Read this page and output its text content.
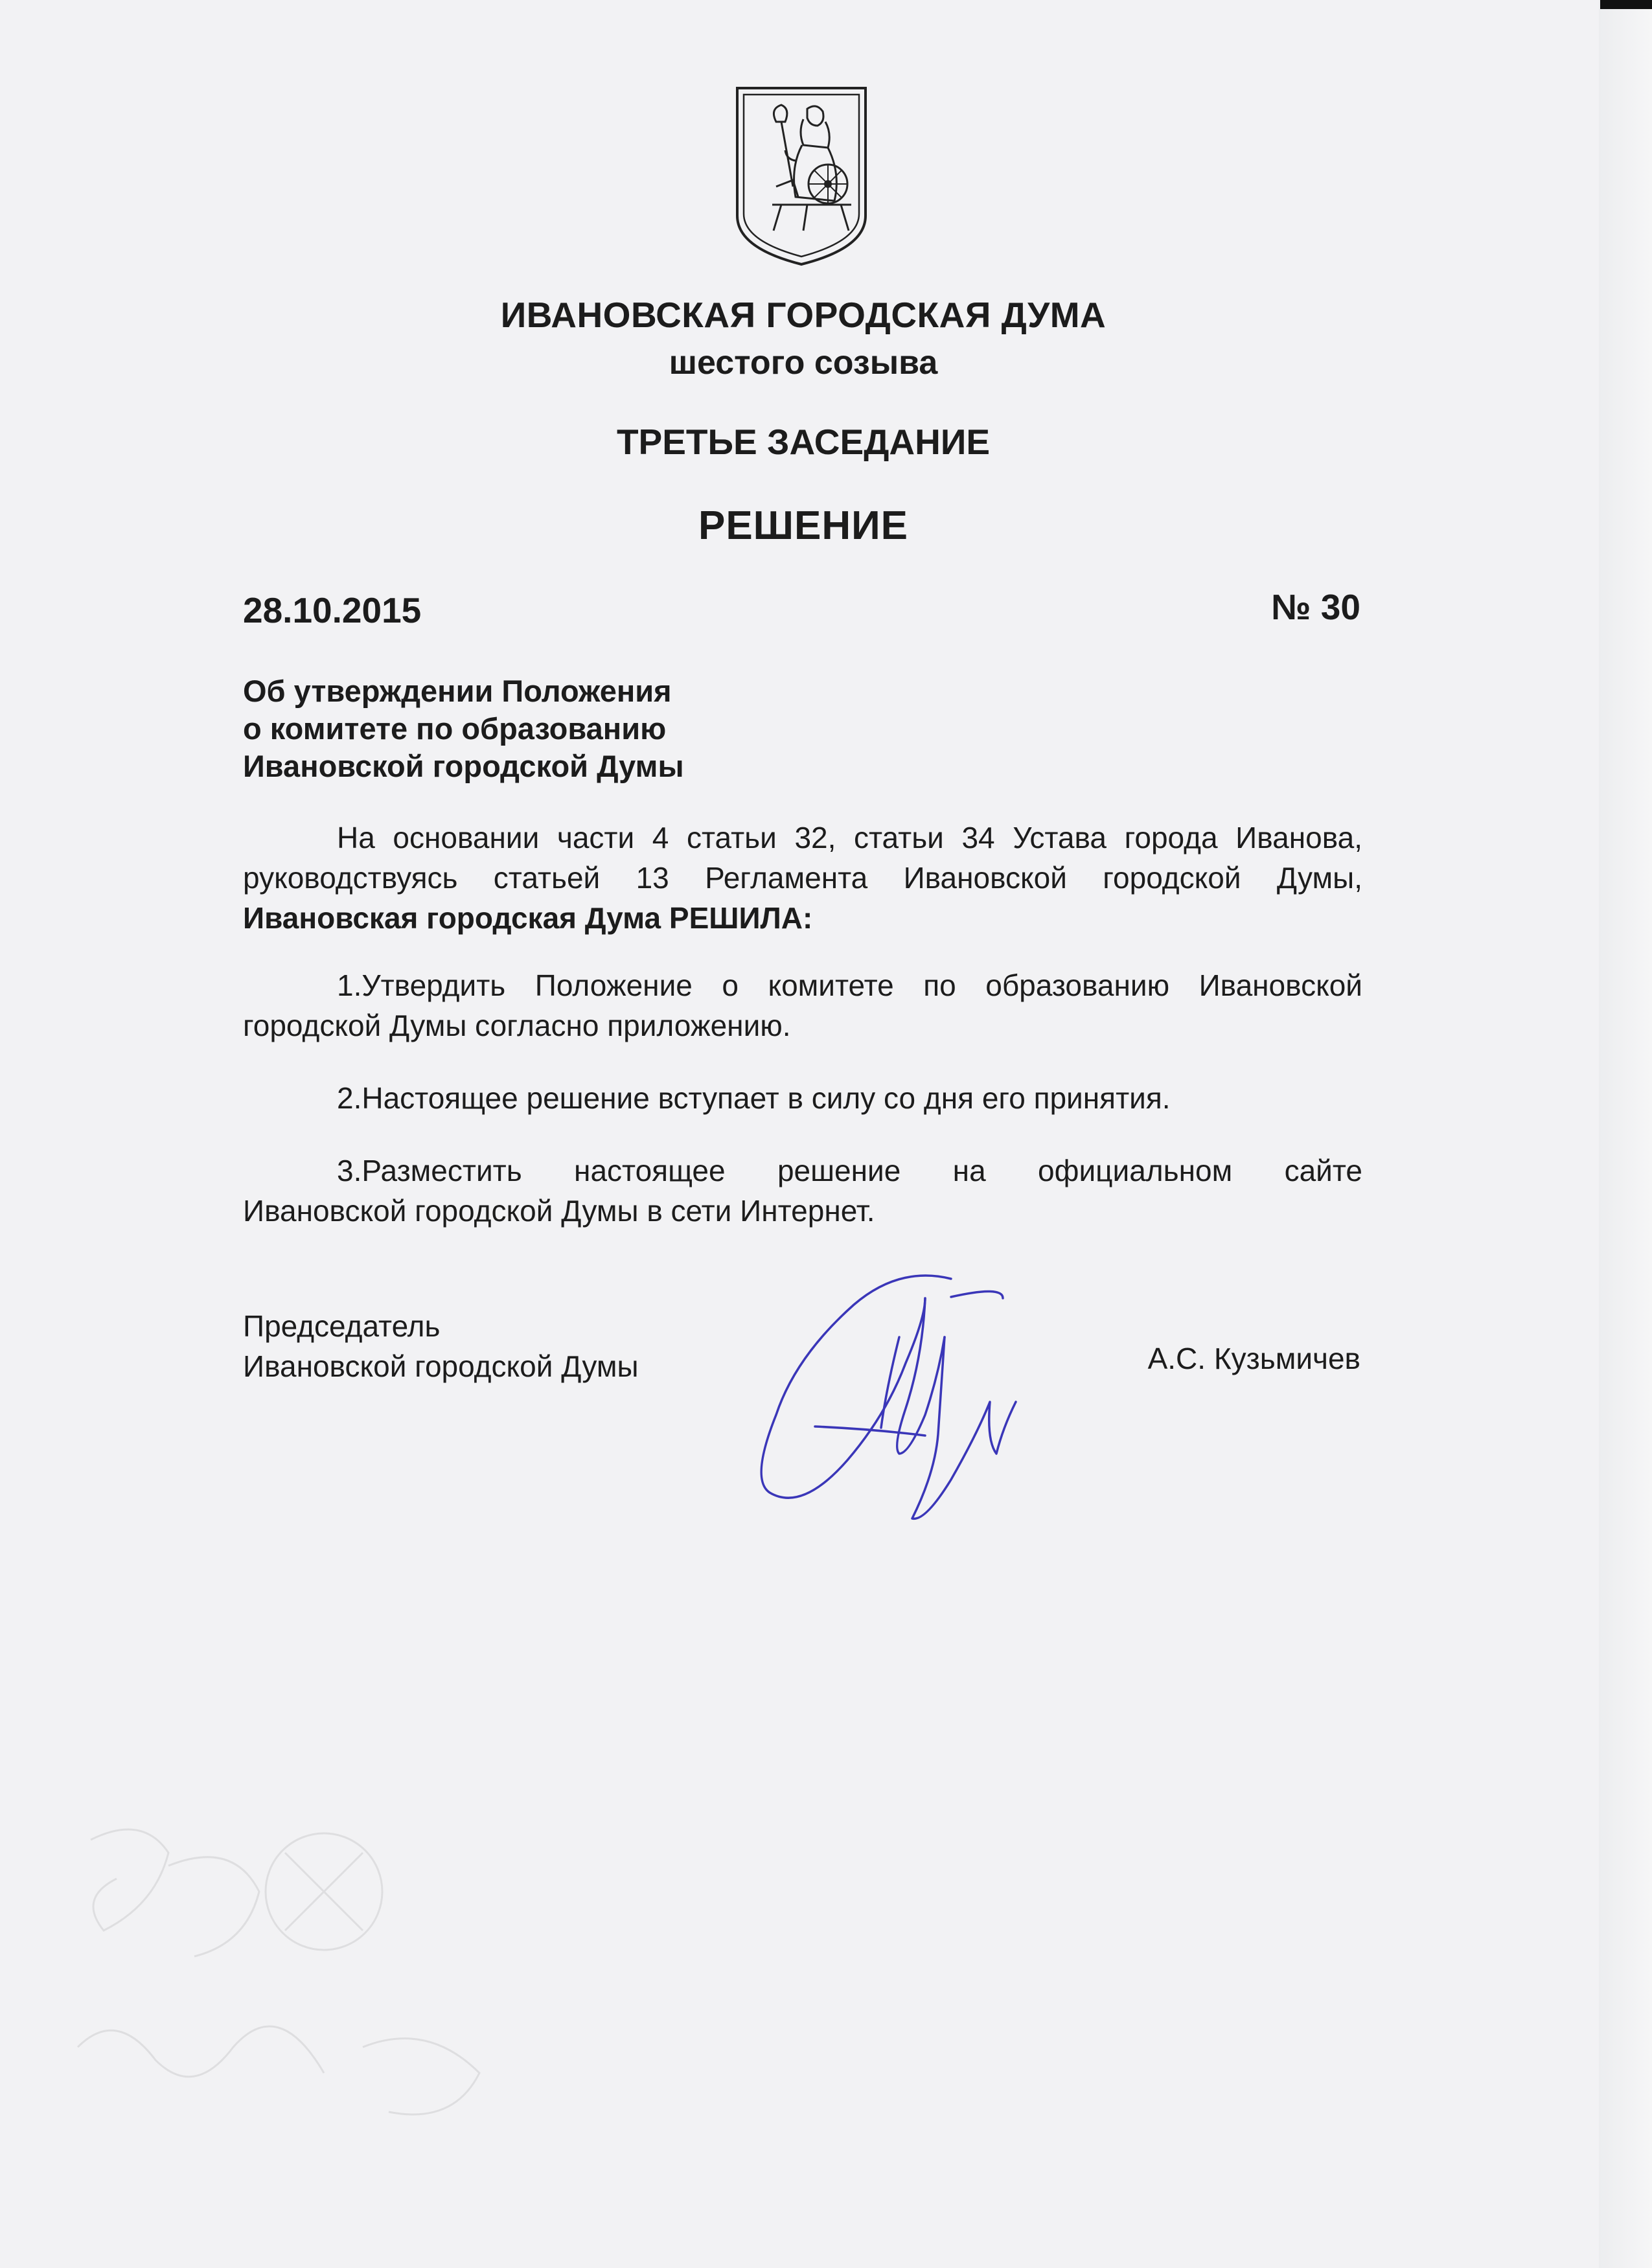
ИВАНОВСКАЯ ГОРОДСКАЯ ДУМА
шестого созыва
ТРЕТЬЕ ЗАСЕДАНИЕ
РЕШЕНИЕ
28.10.2015	№ 30
Об утверждении Положения
о комитете по образованию
Ивановской городской Думы
На основании части 4 статьи 32, статьи 34 Устава города Иванова, руководствуясь статьей 13 Регламента Ивановской городской Думы, Ивановская городская Дума РЕШИЛА:
1.Утвердить Положение о комитете по образованию Ивановской городской Думы согласно приложению.
2.Настоящее решение вступает в силу со дня его принятия.
3.Разместить настоящее решение на официальном сайте
Ивановской городской Думы в сети Интернет.
Председатель
Ивановской городской Думы	А.С. Кузьмичев
